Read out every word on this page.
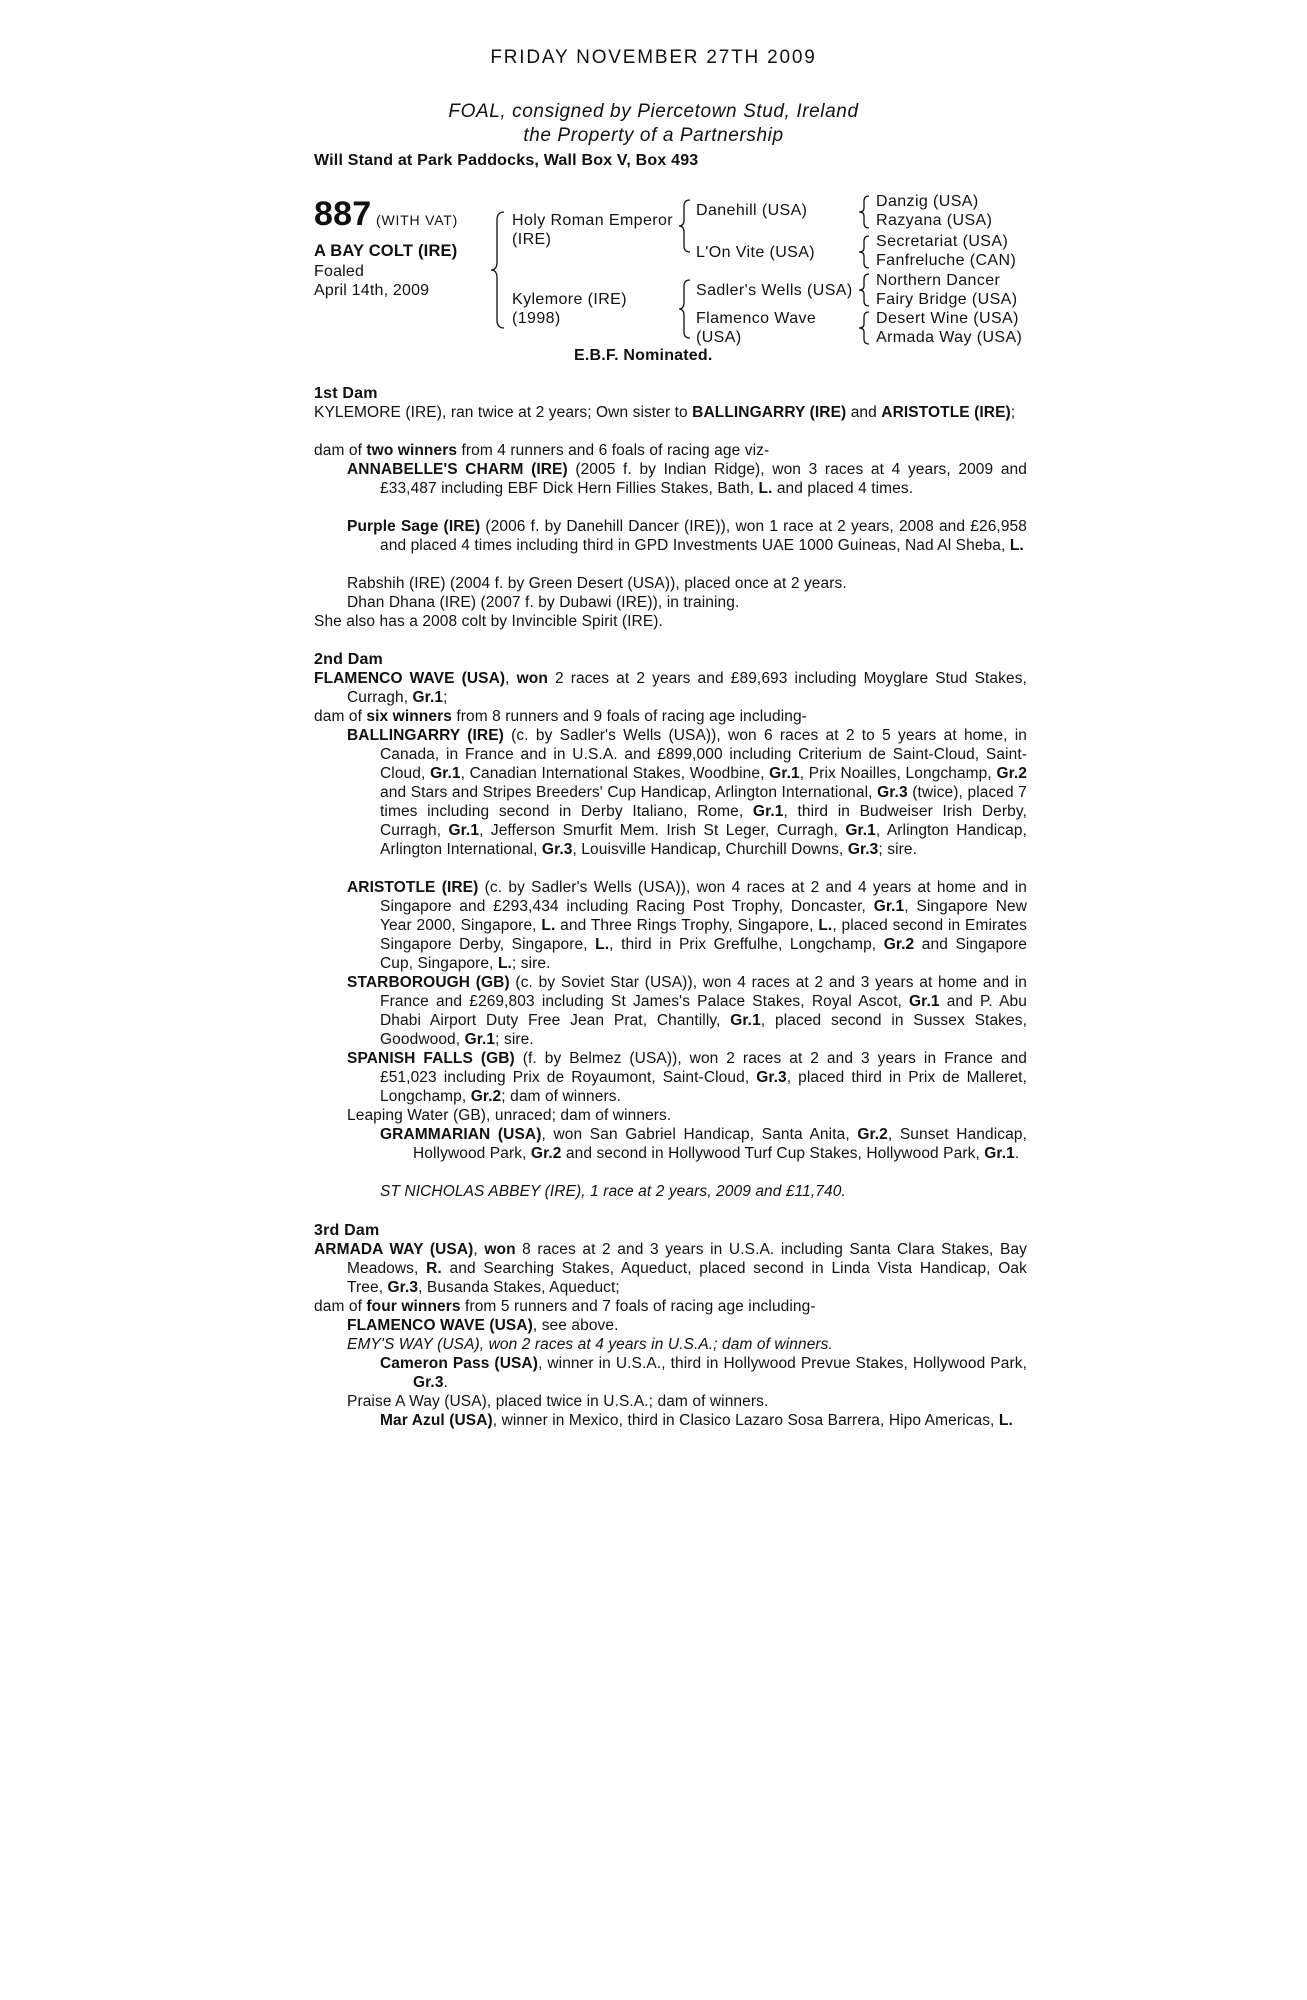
FRIDAY NOVEMBER 27TH 2009
FOAL, consigned by Piercetown Stud, Ireland
the Property of a Partnership
Will Stand at Park Paddocks, Wall Box V, Box 493
887 (WITH VAT)
A BAY COLT (IRE)
Foaled
April 14th, 2009
Holy Roman Emperor
(IRE)
Kylemore (IRE)
(1998)
Danehill (USA)
L'On Vite (USA)
Sadler's Wells (USA)
Flamenco Wave
(USA)
Danzig (USA)
Razyana (USA)
Secretariat (USA)
Fanfreluche (CAN)
Northern Dancer
Fairy Bridge (USA)
Desert Wine (USA)
Armada Way (USA)
E.B.F. Nominated.
1st Dam
KYLEMORE (IRE), ran twice at 2 years; Own sister to BALLINGARRY (IRE) and ARISTOTLE (IRE);
dam of two winners from 4 runners and 6 foals of racing age viz-
ANNABELLE'S CHARM (IRE) (2005 f. by Indian Ridge), won 3 races at 4 years, 2009 and £33,487 including EBF Dick Hern Fillies Stakes, Bath, L. and placed 4 times.
Purple Sage (IRE) (2006 f. by Danehill Dancer (IRE)), won 1 race at 2 years, 2008 and £26,958 and placed 4 times including third in GPD Investments UAE 1000 Guineas, Nad Al Sheba, L.
Rabshih (IRE) (2004 f. by Green Desert (USA)), placed once at 2 years.
Dhan Dhana (IRE) (2007 f. by Dubawi (IRE)), in training.
She also has a 2008 colt by Invincible Spirit (IRE).
2nd Dam
FLAMENCO WAVE (USA), won 2 races at 2 years and £89,693 including Moyglare Stud Stakes, Curragh, Gr.1;
dam of six winners from 8 runners and 9 foals of racing age including-
BALLINGARRY (IRE) (c. by Sadler's Wells (USA)), won 6 races at 2 to 5 years at home, in Canada, in France and in U.S.A. and £899,000 including Criterium de Saint-Cloud, Saint-Cloud, Gr.1, Canadian International Stakes, Woodbine, Gr.1, Prix Noailles, Longchamp, Gr.2 and Stars and Stripes Breeders' Cup Handicap, Arlington International, Gr.3 (twice), placed 7 times including second in Derby Italiano, Rome, Gr.1, third in Budweiser Irish Derby, Curragh, Gr.1, Jefferson Smurfit Mem. Irish St Leger, Curragh, Gr.1, Arlington Handicap, Arlington International, Gr.3, Louisville Handicap, Churchill Downs, Gr.3; sire.
ARISTOTLE (IRE) (c. by Sadler's Wells (USA)), won 4 races at 2 and 4 years at home and in Singapore and £293,434 including Racing Post Trophy, Doncaster, Gr.1, Singapore New Year 2000, Singapore, L. and Three Rings Trophy, Singapore, L., placed second in Emirates Singapore Derby, Singapore, L., third in Prix Greffulhe, Longchamp, Gr.2 and Singapore Cup, Singapore, L.; sire.
STARBOROUGH (GB) (c. by Soviet Star (USA)), won 4 races at 2 and 3 years at home and in France and £269,803 including St James's Palace Stakes, Royal Ascot, Gr.1 and P. Abu Dhabi Airport Duty Free Jean Prat, Chantilly, Gr.1, placed second in Sussex Stakes, Goodwood, Gr.1; sire.
SPANISH FALLS (GB) (f. by Belmez (USA)), won 2 races at 2 and 3 years in France and £51,023 including Prix de Royaumont, Saint-Cloud, Gr.3, placed third in Prix de Malleret, Longchamp, Gr.2; dam of winners.
Leaping Water (GB), unraced; dam of winners.
GRAMMARIAN (USA), won San Gabriel Handicap, Santa Anita, Gr.2, Sunset Handicap, Hollywood Park, Gr.2 and second in Hollywood Turf Cup Stakes, Hollywood Park, Gr.1.
ST NICHOLAS ABBEY (IRE), 1 race at 2 years, 2009 and £11,740.
3rd Dam
ARMADA WAY (USA), won 8 races at 2 and 3 years in U.S.A. including Santa Clara Stakes, Bay Meadows, R. and Searching Stakes, Aqueduct, placed second in Linda Vista Handicap, Oak Tree, Gr.3, Busanda Stakes, Aqueduct;
dam of four winners from 5 runners and 7 foals of racing age including-
FLAMENCO WAVE (USA), see above.
EMY'S WAY (USA), won 2 races at 4 years in U.S.A.; dam of winners.
Cameron Pass (USA), winner in U.S.A., third in Hollywood Prevue Stakes, Hollywood Park, Gr.3.
Praise A Way (USA), placed twice in U.S.A.; dam of winners.
Mar Azul (USA), winner in Mexico, third in Clasico Lazaro Sosa Barrera, Hipo Americas, L.
